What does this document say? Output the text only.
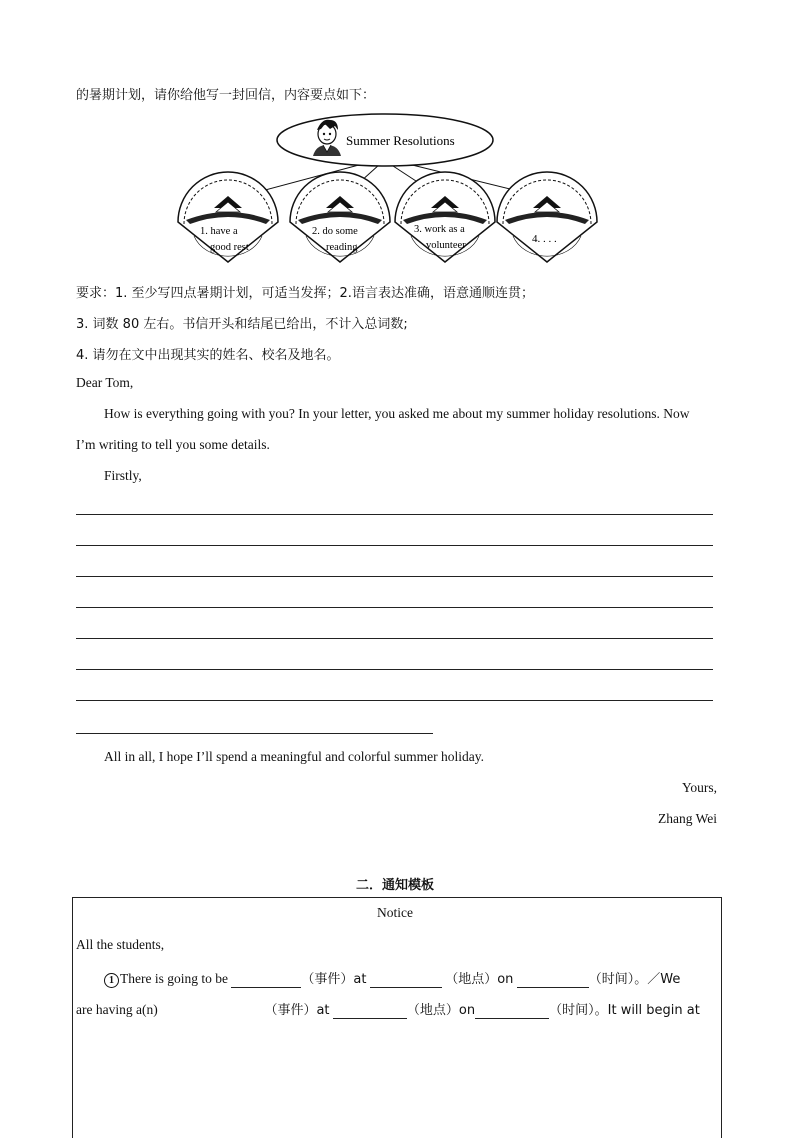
的暑期计划，请你给他写一封回信，内容要点如下：
Summer Resolutions
1. have a
good rest
2. do some
reading
3. work as a
volunteer
4. . . .
要求：1. 至少写四点暑期计划，可适当发挥；2.语言表达准确，语意通顺连贯；
3. 词数 80 左右。书信开头和结尾已给出，不计入总词数;
4. 请勿在文中出现其实的姓名、校名及地名。
Dear Tom,
How is everything going with you? In your letter, you asked me about my summer holiday resolutions. Now
I’m writing to tell you some details.
Firstly,
All in all, I hope I’ll spend a meaningful and colorful summer holiday.
Yours,
Zhang Wei
二．通知模板
Notice
All the students,
1 There is going to be	（事件）at	（地点）on	（时间）。／We
are having a(n)	（事件）at	（地点）on	（时间）。It will begin at
